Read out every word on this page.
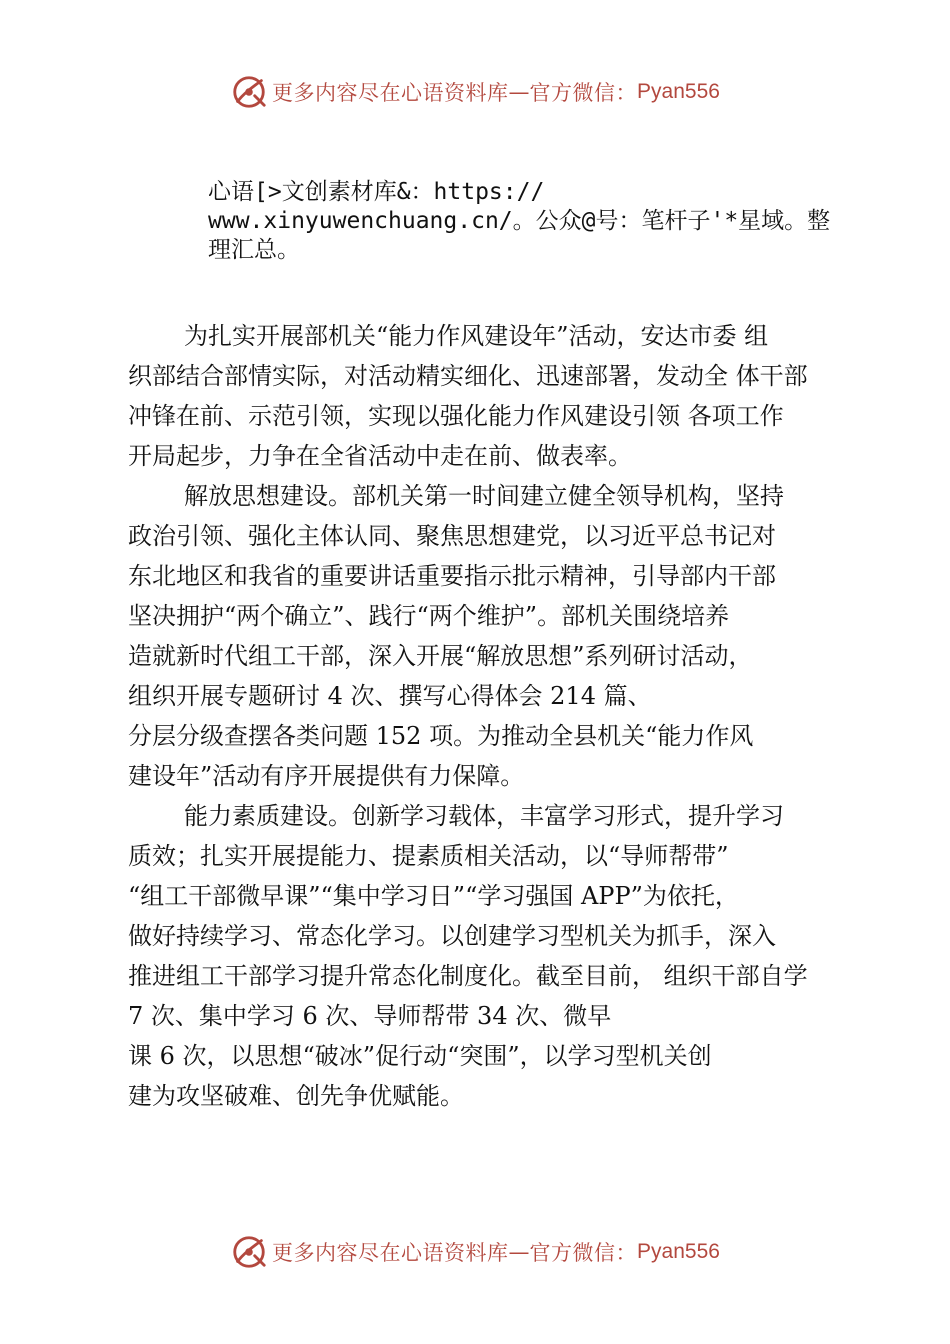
更多内容尽在心语资料库 — 官方微信： Pyan556
心语[>文创素材库&：https://
www.xinyuwenchuang.cn/。公众@号：笔杆子'*星域。整
理汇总。
为扎实开展部机关“能力作风建设年”活动，安达市委 组
织部结合部情实际，对活动精实细化、迅速部署，发动全 体干部
冲锋在前、示范引领，实现以强化能力作风建设引领 各项工作
开局起步，力争在全省活动中走在前、做表率。
解放思想建设。部机关第一时间建立健全领导机构，坚持
政治引领、强化主体认同、聚焦思想建党，以习近平总书记对
东北地区和我省的重要讲话重要指示批示精神，引导部内干部
坚决拥护“两个确立”、践行“两个维护”。部机关围绕培养
造就新时代组工干部，深入开展“解放思想”系列研讨活动，
组织开展专题研讨 4 次、撰写心得体会 214 篇、
分层分级查摆各类问题 152 项。为推动全县机关“能力作风
建设年”活动有序开展提供有力保障。
能力素质建设。创新学习载体，丰富学习形式，提升学习
质效；扎实开展提能力、提素质相关活动，以“导师帮带”
“组工干部微早课”“集中学习日”“学习强国 APP”为依托，
做好持续学习、常态化学习。以创建学习型机关为抓手，深入
推进组工干部学习提升常态化制度化。截至目前， 组织干部自学
7 次、集中学习 6 次、导师帮带 34 次、微早
课 6 次，以思想“破冰”促行动“突围”，以学习型机关创
建为攻坚破难、创先争优赋能。
更多内容尽在心语资料库 — 官方微信： Pyan556
